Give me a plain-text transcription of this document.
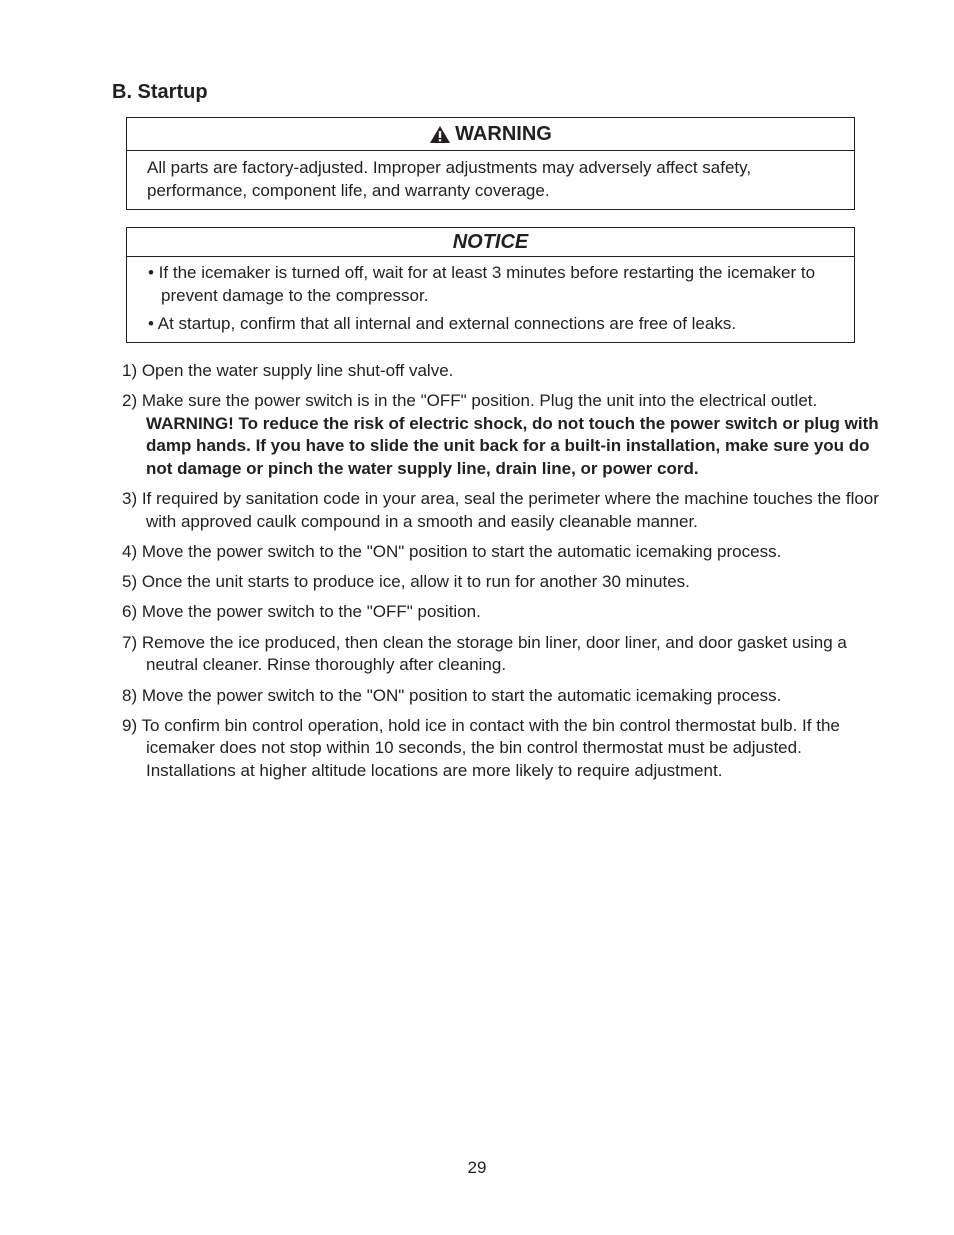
B. Startup
WARNING
All parts are factory-adjusted. Improper adjustments may adversely affect safety, performance, component life, and warranty coverage.
NOTICE

• If the icemaker is turned off, wait for at least 3 minutes before restarting the icemaker to prevent damage to the compressor.

• At startup, confirm that all internal and external connections are free of leaks.

1) Open the water supply line shut-off valve.
2) Make sure the power switch is in the "OFF" position. Plug the unit into the electrical outlet. WARNING! To reduce the risk of electric shock, do not touch the power switch or plug with damp hands. If you have to slide the unit back for a built-in installation, make sure you do not damage or pinch the water supply line, drain line, or power cord.
3) If required by sanitation code in your area, seal the perimeter where the machine touches the floor with approved caulk compound in a smooth and easily cleanable manner.
4) Move the power switch to the "ON" position to start the automatic icemaking process.
5) Once the unit starts to produce ice, allow it to run for another 30 minutes.
6) Move the power switch to the "OFF" position.
7) Remove the ice produced, then clean the storage bin liner, door liner, and door gasket using a neutral cleaner. Rinse thoroughly after cleaning.
8) Move the power switch to the "ON" position to start the automatic icemaking process.
9) To confirm bin control operation, hold ice in contact with the bin control thermostat bulb. If the icemaker does not stop within 10 seconds, the bin control thermostat must be adjusted. Installations at higher altitude locations are more likely to require adjustment.
29
